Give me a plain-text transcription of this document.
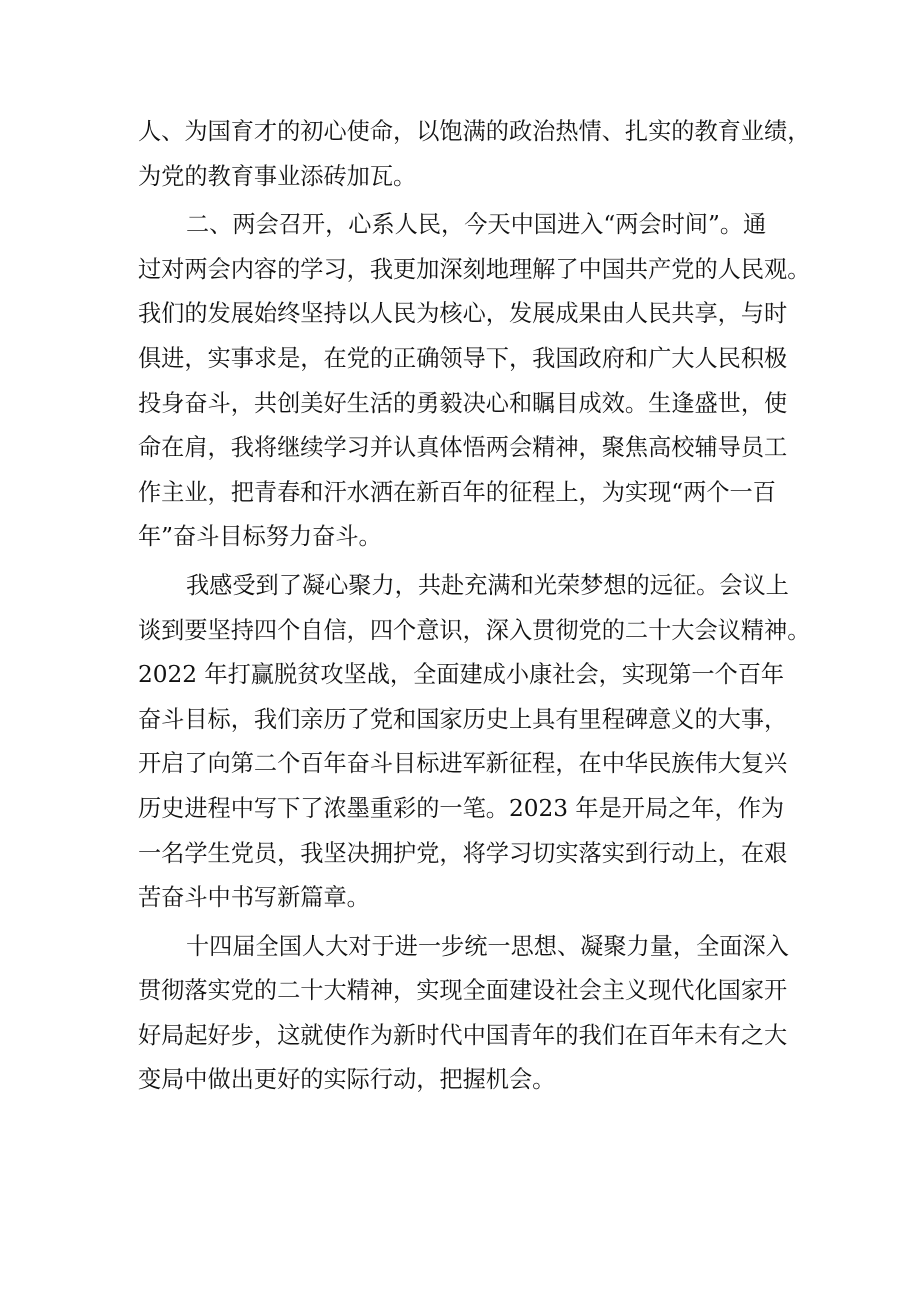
人、为国育才的初心使命，以饱满的政治热情、扎实的教育业绩，
为党的教育事业添砖加瓦。
二、两会召开，心系人民，今天中国进入“两会时间”。通
过对两会内容的学习，我更加深刻地理解了中国共产党的人民观。
我们的发展始终坚持以人民为核心，发展成果由人民共享，与时
俱进，实事求是，在党的正确领导下，我国政府和广大人民积极
投身奋斗，共创美好生活的勇毅决心和瞩目成效。生逢盛世，使
命在肩，我将继续学习并认真体悟两会精神，聚焦高校辅导员工
作主业，把青春和汗水洒在新百年的征程上，为实现“两个一百
年”奋斗目标努力奋斗。
我感受到了凝心聚力，共赴充满和光荣梦想的远征。会议上
谈到要坚持四个自信，四个意识，深入贯彻党的二十大会议精神。
2022 年打赢脱贫攻坚战，全面建成小康社会，实现第一个百年
奋斗目标，我们亲历了党和国家历史上具有里程碑意义的大事，
开启了向第二个百年奋斗目标进军新征程，在中华民族伟大复兴
历史进程中写下了浓墨重彩的一笔。2023 年是开局之年，作为
一名学生党员，我坚决拥护党，将学习切实落实到行动上，在艰
苦奋斗中书写新篇章。
十四届全国人大对于进一步统一思想、凝聚力量，全面深入
贯彻落实党的二十大精神，实现全面建设社会主义现代化国家开
好局起好步，这就使作为新时代中国青年的我们在百年未有之大
变局中做出更好的实际行动，把握机会。
